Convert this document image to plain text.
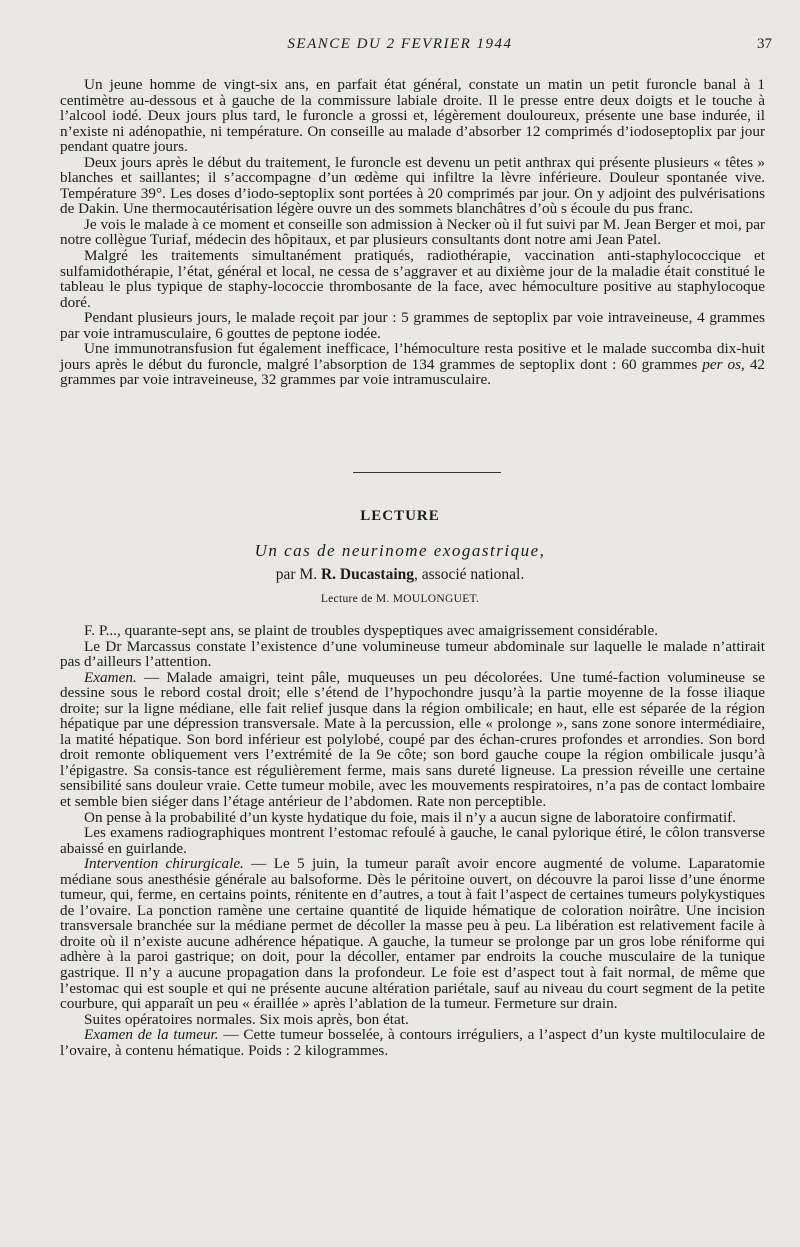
SEANCE DU 2 FEVRIER 1944	37

Un jeune homme de vingt-six ans, en parfait état général, constate un matin un petit furoncle banal à 1 centimètre au-dessous et à gauche de la commissure labiale droite. Il le presse entre deux doigts et le touche à l’alcool iodé. Deux jours plus tard, le furoncle a grossi et, légèrement douloureux, présente une base indurée, il n’existe ni adénopathie, ni température. On conseille au malade d’absorber 12 comprimés d’iodoseptoplix par jour pendant quatre jours.

Deux jours après le début du traitement, le furoncle est devenu un petit anthrax qui présente plusieurs « têtes » blanches et saillantes; il s’accompagne d’un œdème qui infiltre la lèvre inférieure. Douleur spontanée vive. Température 39°. Les doses d’iodo-septoplix sont portées à 20 comprimés par jour. On y adjoint des pulvérisations de Dakin. Une thermocautérisation légère ouvre un des sommets blanchâtres d’où s écoule du pus franc.

Je vois le malade à ce moment et conseille son admission à Necker où il fut suivi par M. Jean Berger et moi, par notre collègue Turiaf, médecin des hôpitaux, et par plusieurs consultants dont notre ami Jean Patel.

Malgré les traitements simultanément pratiqués, radiothérapie, vaccination anti-staphylococcique et sulfamidothérapie, l’état, général et local, ne cessa de s’aggraver et au dixième jour de la maladie était constitué le tableau le plus typique de staphy-lococcie thrombosante de la face, avec hémoculture positive au staphylocoque doré.

Pendant plusieurs jours, le malade reçoit par jour : 5 grammes de septoplix par voie intraveineuse, 4 grammes par voie intramusculaire, 6 gouttes de peptone iodée.

Une immunotransfusion fut également inefficace, l’hémoculture resta positive et le malade succomba dix-huit jours après le début du furoncle, malgré l’absorption de 134 grammes de septoplix dont : 60 grammes per os, 42 grammes par voie intraveineuse, 32 grammes par voie intramusculaire.

LECTURE
Un cas de neurinome exogastrique,
par M. R. Ducastaing, associé national.
Lecture de M. MOULONGUET.

F. P..., quarante-sept ans, se plaint de troubles dyspeptiques avec amaigrissement considérable.

Le Dr Marcassus constate l’existence d’une volumineuse tumeur abdominale sur laquelle le malade n’attirait pas d’ailleurs l’attention.

Examen. — Malade amaigri, teint pâle, muqueuses un peu décolorées. Une tumé-faction volumineuse se dessine sous le rebord costal droit; elle s’étend de l’hypochondre jusqu’à la partie moyenne de la fosse iliaque droite; sur la ligne médiane, elle fait relief jusque dans la région ombilicale; en haut, elle est séparée de la région hépatique par une dépression transversale. Mate à la percussion, elle « prolonge », sans zone sonore intermédiaire, la matité hépatique. Son bord inférieur est polylobé, coupé par des échan-crures profondes et arrondies. Son bord droit remonte obliquement vers l’extrémité de la 9e côte; son bord gauche coupe la région ombilicale jusqu’à l’épigastre. Sa consis-tance est régulièrement ferme, mais sans dureté ligneuse. La pression réveille une certaine sensibilité sans douleur vraie. Cette tumeur mobile, avec les mouvements respiratoires, n’a pas de contact lombaire et semble bien siéger dans l’étage antérieur de l’abdomen. Rate non perceptible.

On pense à la probabilité d’un kyste hydatique du foie, mais il n’y a aucun signe de laboratoire confirmatif.

Les examens radiographiques montrent l’estomac refoulé à gauche, le canal pylorique étiré, le côlon transverse abaissé en guirlande.

Intervention chirurgicale. — Le 5 juin, la tumeur paraît avoir encore augmenté de volume. Laparatomie médiane sous anesthésie générale au balsoforme. Dès le péritoine ouvert, on découvre la paroi lisse d’une énorme tumeur, qui, ferme, en certains points, rénitente en d’autres, a tout à fait l’aspect de certaines tumeurs polykystiques de l’ovaire. La ponction ramène une certaine quantité de liquide hématique de coloration noirâtre. Une incision transversale branchée sur la médiane permet de décoller la masse peu à peu. La libération est relativement facile à droite où il n’existe aucune adhérence hépatique. A gauche, la tumeur se prolonge par un gros lobe réniforme qui adhère à la paroi gastrique; on doit, pour la décoller, entamer par endroits la couche musculaire de la tunique gastrique. Il n’y a aucune propagation dans la profondeur. Le foie est d’aspect tout à fait normal, de même que l’estomac qui est souple et qui ne présente aucune altération pariétale, sauf au niveau du court segment de la petite courbure, qui apparaît un peu « éraillée » après l’ablation de la tumeur. Fermeture sur drain.

Suites opératoires normales. Six mois après, bon état.

Examen de la tumeur. — Cette tumeur bosselée, à contours irréguliers, a l’aspect d’un kyste multiloculaire de l’ovaire, à contenu hématique. Poids : 2 kilogrammes.
